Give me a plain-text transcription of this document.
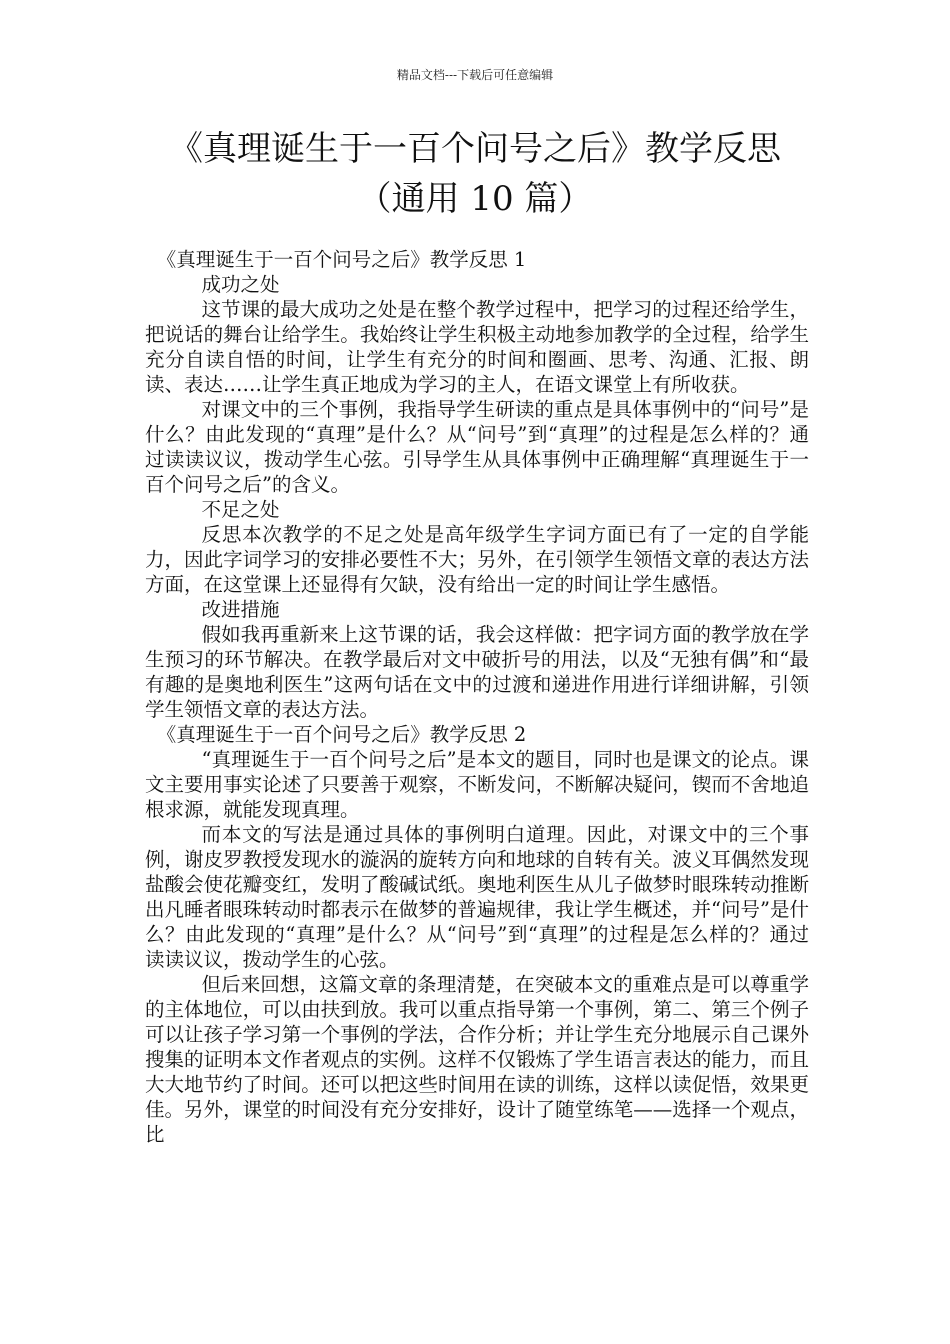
精品文档---下载后可任意编辑
《真理诞生于一百个问号之后》教学反思
（通用 10 篇）

《真理诞生于一百个问号之后》教学反思 1

成功之处

这节课的最大成功之处是在整个教学过程中，把学习的过程还给学生，把说话的舞台让给学生。我始终让学生积极主动地参加教学的全过程，给学生充分自读自悟的时间，让学生有充分的时间和圈画、思考、沟通、汇报、朗读、表达……让学生真正地成为学习的主人，在语文课堂上有所收获。

对课文中的三个事例，我指导学生研读的重点是具体事例中的“问号”是什么？由此发现的“真理”是什么？从“问号”到“真理”的过程是怎么样的？通过读读议议，拨动学生心弦。引导学生从具体事例中正确理解“真理诞生于一百个问号之后”的含义。

不足之处

反思本次教学的不足之处是高年级学生字词方面已有了一定的自学能力，因此字词学习的安排必要性不大；另外，在引领学生领悟文章的表达方法方面，在这堂课上还显得有欠缺，没有给出一定的时间让学生感悟。

改进措施

假如我再重新来上这节课的话，我会这样做：把字词方面的教学放在学生预习的环节解决。在教学最后对文中破折号的用法，以及“无独有偶”和“最有趣的是奥地利医生”这两句话在文中的过渡和递进作用进行详细讲解，引领学生领悟文章的表达方法。

《真理诞生于一百个问号之后》教学反思 2

“真理诞生于一百个问号之后”是本文的题目，同时也是课文的论点。课文主要用事实论述了只要善于观察，不断发问，不断解决疑问，锲而不舍地追根求源，就能发现真理。

而本文的写法是通过具体的事例明白道理。因此，对课文中的三个事例，谢皮罗教授发现水的漩涡的旋转方向和地球的自转有关。波义耳偶然发现盐酸会使花瓣变红，发明了酸碱试纸。奥地利医生从儿子做梦时眼珠转动推断出凡睡者眼珠转动时都表示在做梦的普遍规律，我让学生概述，并“问号”是什么？由此发现的“真理”是什么？从“问号”到“真理”的过程是怎么样的？通过读读议议，拨动学生的心弦。

但后来回想，这篇文章的条理清楚，在突破本文的重难点是可以尊重学的主体地位，可以由扶到放。我可以重点指导第一个事例，第二、第三个例子可以让孩子学习第一个事例的学法，合作分析；并让学生充分地展示自己课外搜集的证明本文作者观点的实例。这样不仅锻炼了学生语言表达的能力，而且大大地节约了时间。还可以把这些时间用在读的训练，这样以读促悟，效果更佳。另外，课堂的时间没有充分安排好，设计了随堂练笔——选择一个观点，比
